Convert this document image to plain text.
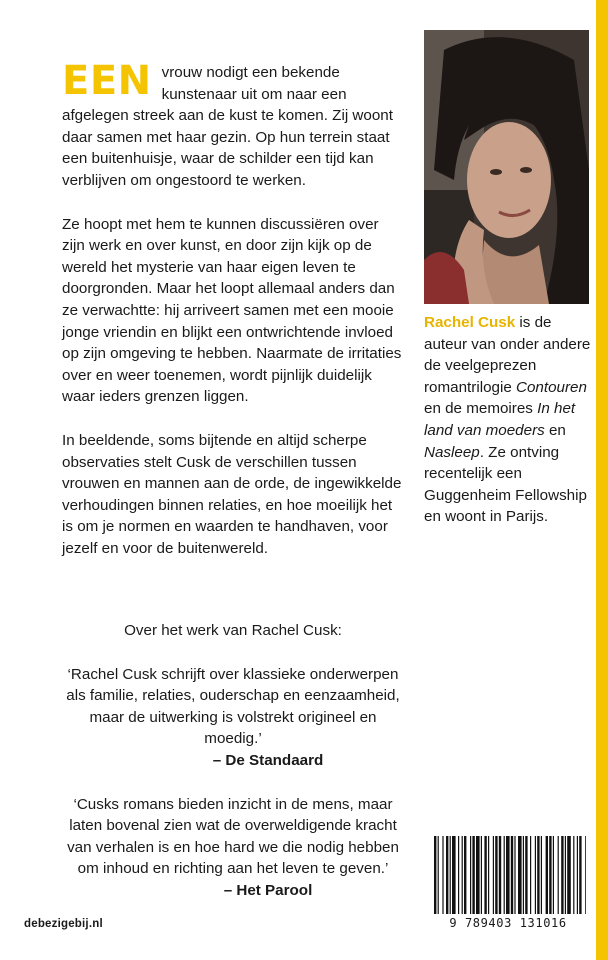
EEN vrouw nodigt een bekende kunstenaar uit om naar een afgelegen streek aan de kust te komen. Zij woont daar samen met haar gezin. Op hun terrein staat een buitenhuisje, waar de schilder een tijd kan verblijven om ongestoord te werken.

Ze hoopt met hem te kunnen discussiëren over zijn werk en over kunst, en door zijn kijk op de wereld het mysterie van haar eigen leven te doorgronden. Maar het loopt allemaal anders dan ze verwachtte: hij arriveert samen met een mooie jonge vriendin en blijkt een ontwrichtende invloed op zijn omgeving te hebben. Naarmate de irritaties over en weer toenemen, wordt pijnlijk duidelijk waar ieders grenzen liggen.

In beeldende, soms bijtende en altijd scherpe observaties stelt Cusk de verschillen tussen vrouwen en mannen aan de orde, de ingewikkelde verhoudingen binnen relaties, en hoe moeilijk het is om je normen en waarden te handhaven, voor jezelf en voor de buitenwereld.

Over het werk van Rachel Cusk:

‘Rachel Cusk schrijft over klassieke onderwerpen als familie, relaties, ouderschap en eenzaamheid, maar de uitwerking is volstrekt origineel en moedig.’

– De Standaard

‘Cusks romans bieden inzicht in de mens, maar laten bovenal zien wat de overweldigende kracht van verhalen is en hoe hard we die nodig hebben om inhoud en richting aan het leven te geven.’

– Het Parool

Rachel Cusk is de auteur van onder andere de veelgeprezen romantrilogie Contouren en de memoires In het land van moeders en Nasleep. Ze ontving recentelijk een Guggenheim Fellowship en woont in Parijs.
debezigebij.nl	9 789403 131016
